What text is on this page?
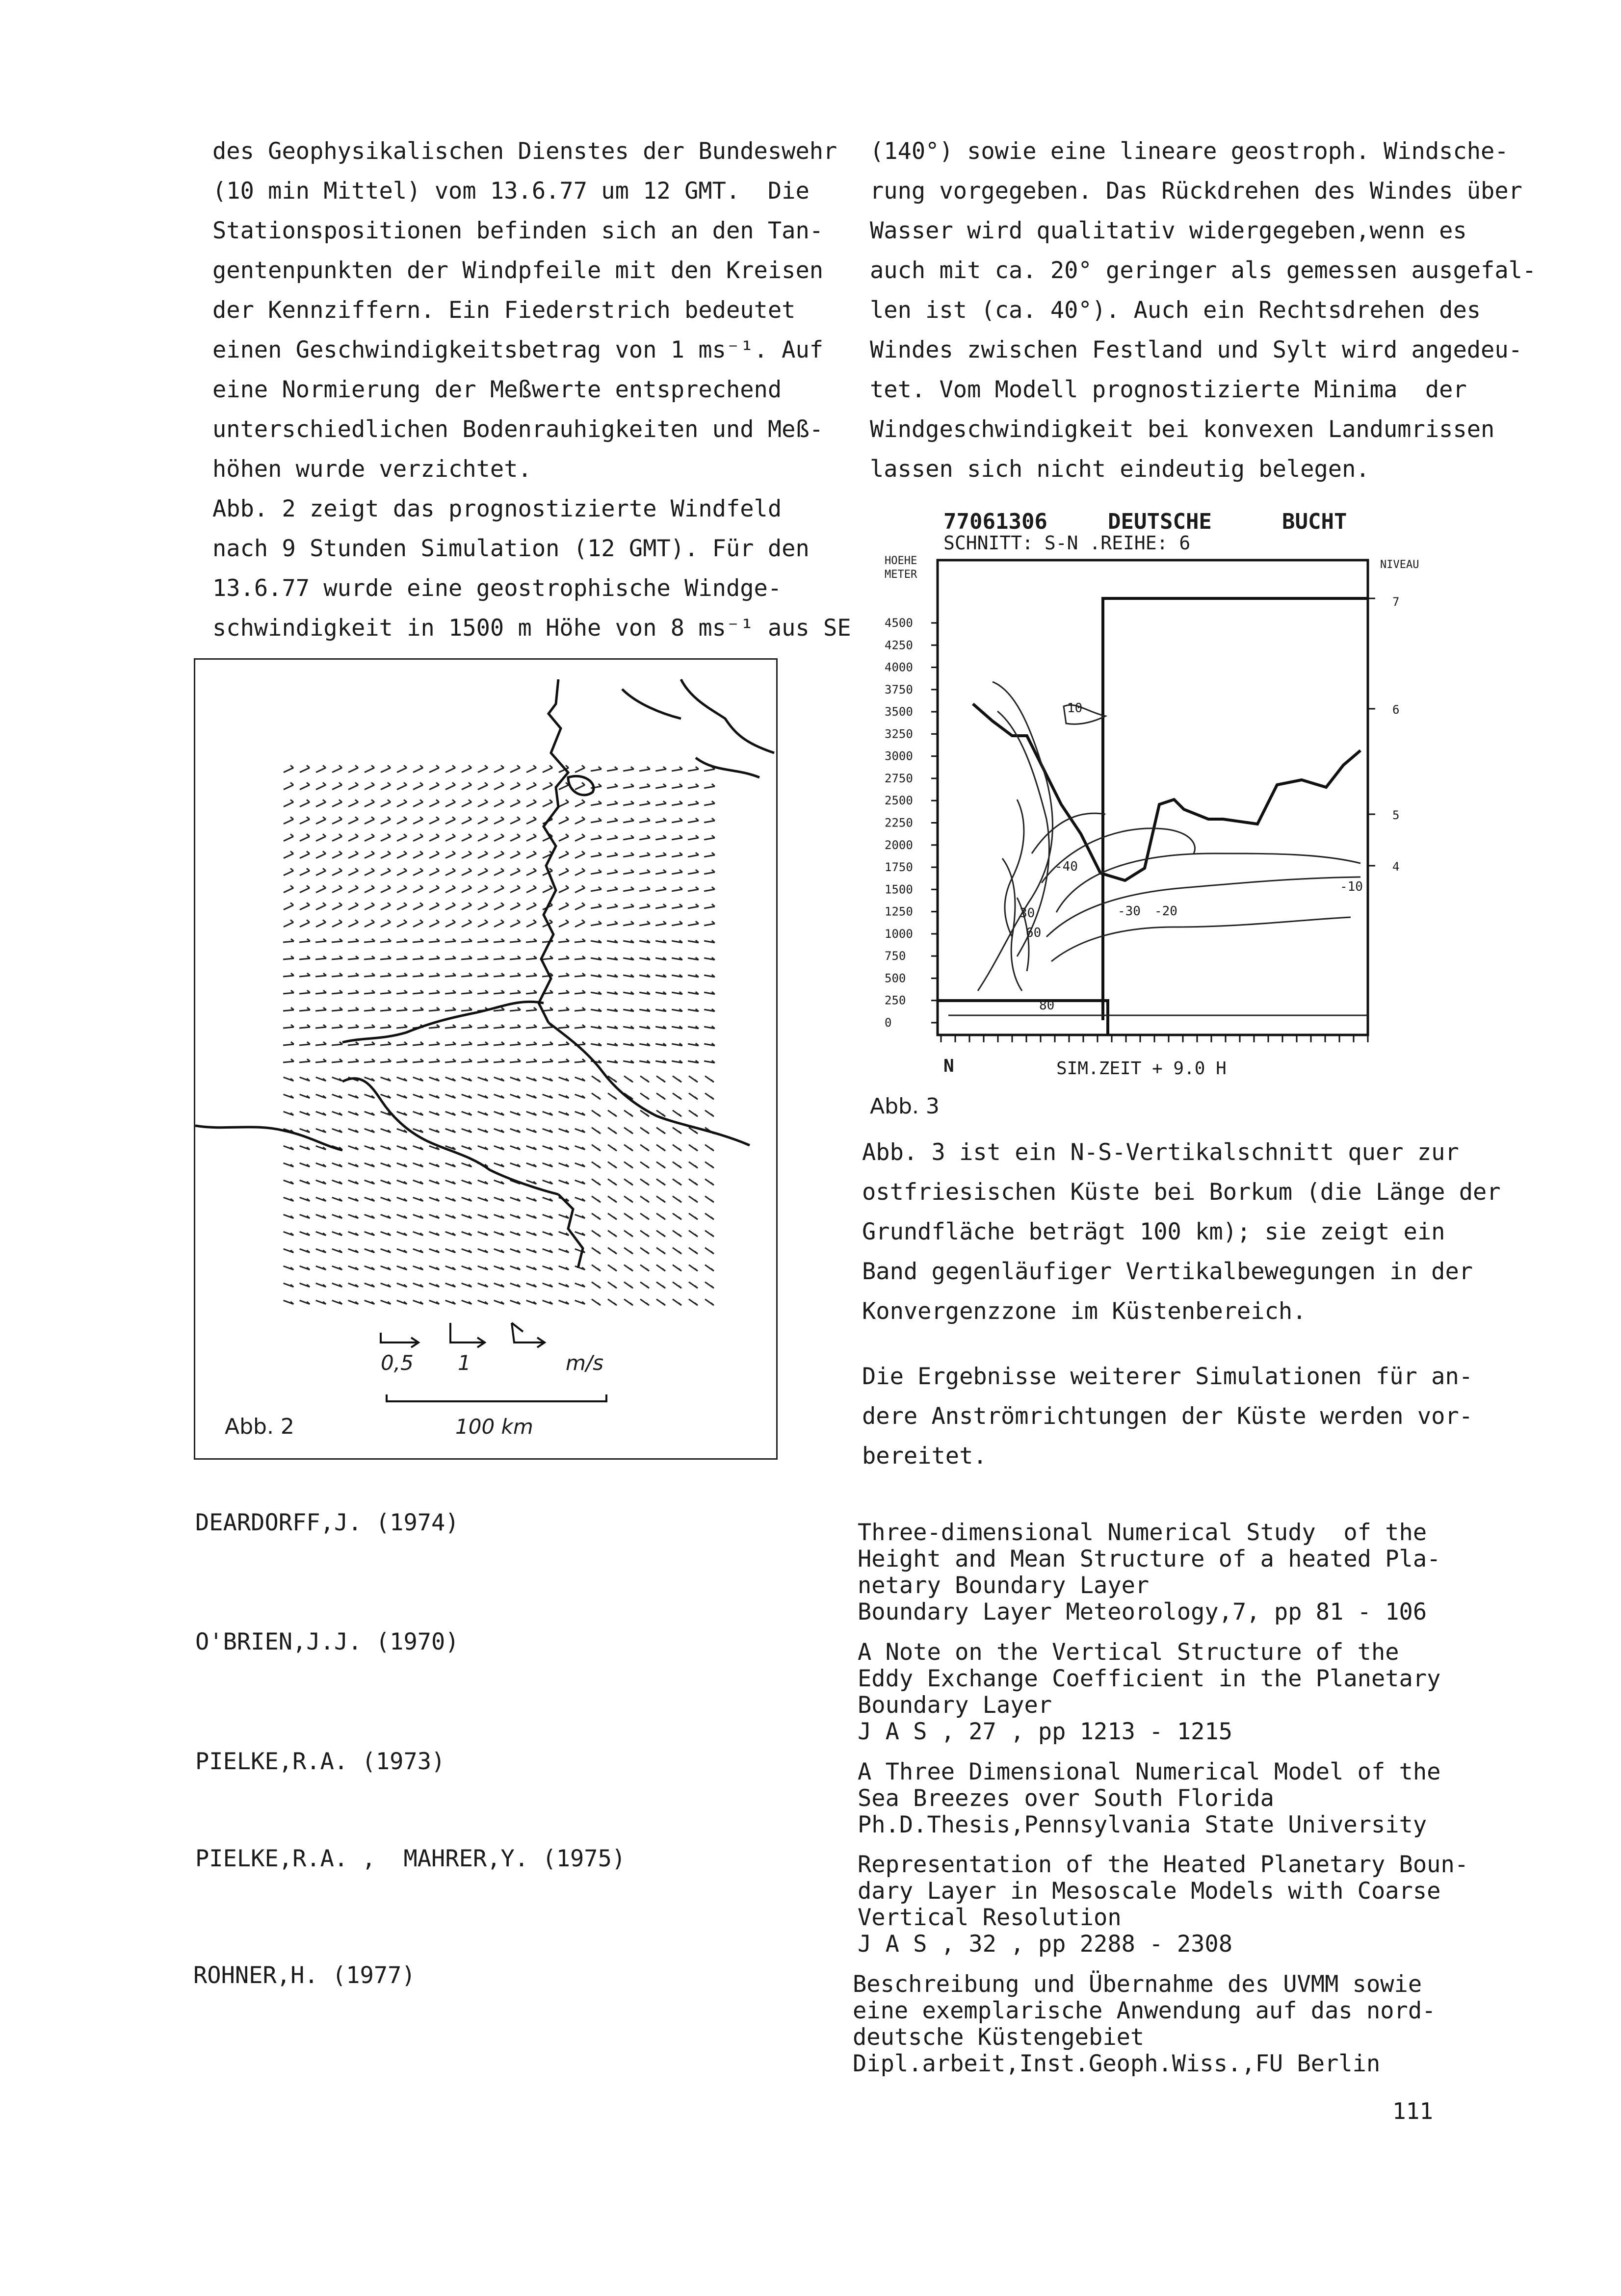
des Geophysikalischen Dienstes der Bundeswehr
(10 min Mittel) vom 13.6.77 um 12 GMT.  Die
Stationspositionen befinden sich an den Tan-
gentenpunkten der Windpfeile mit den Kreisen
der Kennziffern. Ein Fiederstrich bedeutet
einen Geschwindigkeitsbetrag von 1 ms⁻¹. Auf
eine Normierung der Meßwerte entsprechend
unterschiedlichen Bodenrauhigkeiten und Meß-
höhen wurde verzichtet.

Abb. 2 zeigt das prognostizierte Windfeld
nach 9 Stunden Simulation (12 GMT). Für den
13.6.77 wurde eine geostrophische Windge-
schwindigkeit in 1500 m Höhe von 8 ms⁻¹ aus SE

(140°) sowie eine lineare geostroph. Windsche-
rung vorgegeben. Das Rückdrehen des Windes über
Wasser wird qualitativ widergegeben,wenn es
auch mit ca. 20° geringer als gemessen ausgefal-
len ist (ca. 40°). Auch ein Rechtsdrehen des
Windes zwischen Festland und Sylt wird angedeu-
tet. Vom Modell prognostizierte Minima  der
Windgeschwindigkeit bei konvexen Landumrissen
lassen sich nicht eindeutig belegen.

0,5 1	m/s
100 km
Abb. 2
77061306	DEUTSCHE	BUCHT
SCHNITT: S-N .REIHE: 6
HOEHE
METER
NIVEAU
4500
4250
4000
3750
3500
3250
3000
2750
2500
2250
2000
1750
1500
1250
1000
750
500
250
0
7
6
5
4
10
-40
-30 -20
-10
30
60
80
N	SIM.ZEIT + 9.0 H
Abb. 3

Abb. 3 ist ein N-S-Vertikalschnitt quer zur
ostfriesischen Küste bei Borkum (die Länge der
Grundfläche beträgt 100 km); sie zeigt ein
Band gegenläufiger Vertikalbewegungen in der
Konvergenzzone im Küstenbereich.

Die Ergebnisse weiterer Simulationen für an-
dere Anströmrichtungen der Küste werden vor-
bereitet.

DEARDORFF,J. (1974)	Three-dimensional Numerical Study  of the
Height and Mean Structure of a heated Pla-
netary Boundary Layer
Boundary Layer Meteorology,7, pp 81 - 106

O'BRIEN,J.J. (1970)	A Note on the Vertical Structure of the
Eddy Exchange Coefficient in the Planetary
Boundary Layer
J A S , 27 , pp 1213 - 1215

PIELKE,R.A. (1973)	A Three Dimensional Numerical Model of the
Sea Breezes over South Florida
Ph.D.Thesis,Pennsylvania State University

PIELKE,R.A. ,  MAHRER,Y. (1975)	Representation of the Heated Planetary Boun-
dary Layer in Mesoscale Models with Coarse
Vertical Resolution
J A S , 32 , pp 2288 - 2308

ROHNER,H. (1977)	Beschreibung und Übernahme des UVMM sowie
eine exemplarische Anwendung auf das nord-
deutsche Küstengebiet
Dipl.arbeit,Inst.Geoph.Wiss.,FU Berlin

111
